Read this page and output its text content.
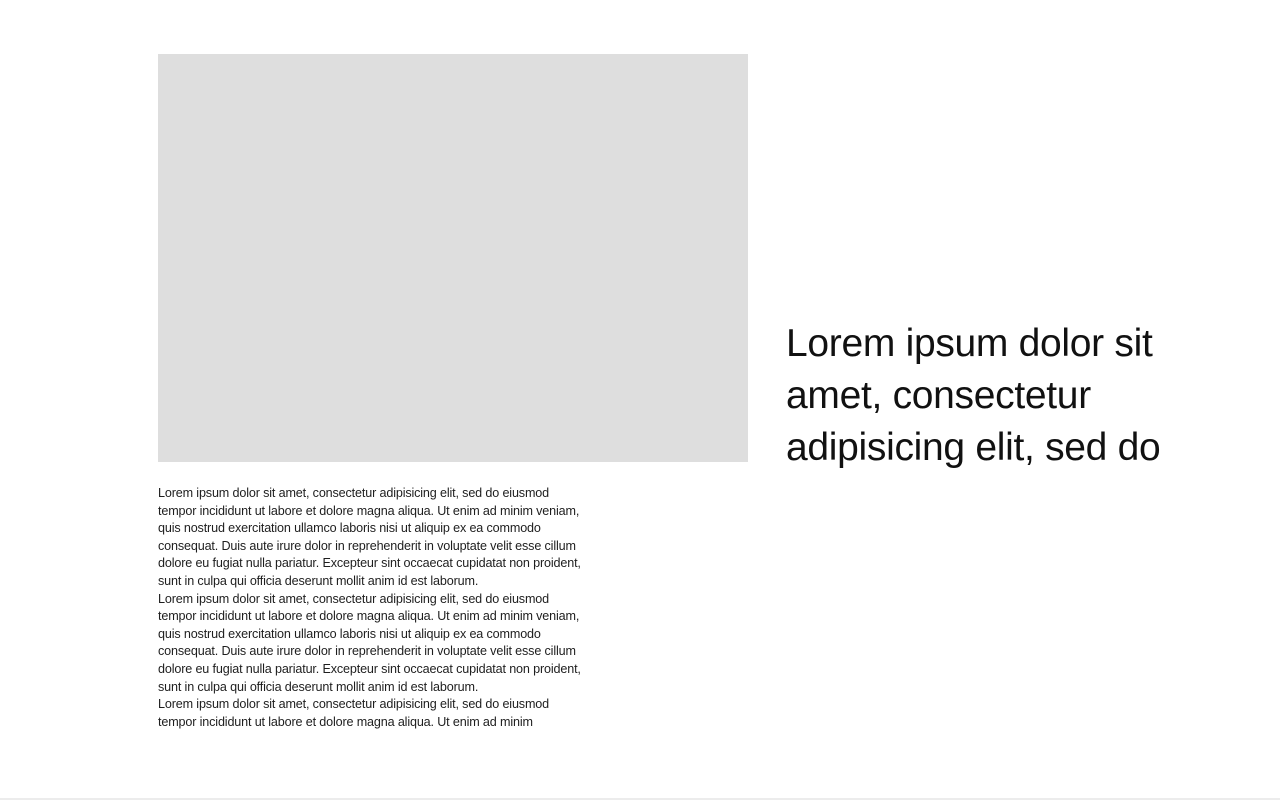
Lorem ipsum dolor sit amet, consectetur adipisicing elit, sed do

Lorem ipsum dolor sit amet, consectetur adipisicing elit, sed do eiusmod tempor incididunt ut labore et dolore magna aliqua. Ut enim ad minim veniam, quis nostrud exercitation ullamco laboris nisi ut aliquip ex ea commodo consequat. Duis aute irure dolor in reprehenderit in voluptate velit esse cillum dolore eu fugiat nulla pariatur. Excepteur sint occaecat cupidatat non proident, sunt in culpa qui officia deserunt mollit anim id est laborum.

Lorem ipsum dolor sit amet, consectetur adipisicing elit, sed do eiusmod tempor incididunt ut labore et dolore magna aliqua. Ut enim ad minim veniam, quis nostrud exercitation ullamco laboris nisi ut aliquip ex ea commodo consequat. Duis aute irure dolor in reprehenderit in voluptate velit esse cillum dolore eu fugiat nulla pariatur. Excepteur sint occaecat cupidatat non proident, sunt in culpa qui officia deserunt mollit anim id est laborum.

Lorem ipsum dolor sit amet, consectetur adipisicing elit, sed do eiusmod tempor incididunt ut labore et dolore magna aliqua. Ut enim ad minim
